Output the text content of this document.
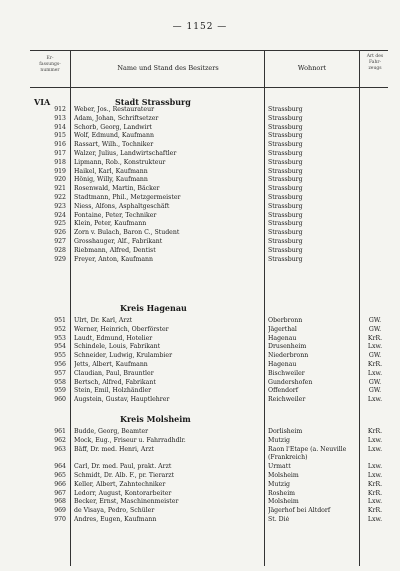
— 1152 —
Er-
fassungs-
nummer	Name und Stand des Besitzers	Wohnort
Art des
Fahr-
zeugs
VIA	Stadt Strassburg
912 Weber, Jos., Restaurateur	Strassburg
913 Adam, Johan, Schriftsetzer	Strassburg
914 Schorb, Georg, Landwirt	Strassburg
915 Wolf, Edmund, Kaufmann	Strassburg
916 Rassart, Wilh., Tochniker	Strassburg
917 Walzer, Julius, Landwirtschaftler	Strassburg
918 Lipmann, Rob., Konstrukteur	Strassburg
919 Haikel, Karl, Kaufmann	Strassburg
920 Hönig, Willy, Kaufmann	Strassburg
921 Rosenwald, Martin, Bäcker	Strassburg
922 Stadtmann, Phil., Metzgermeister	Strassburg
923 Niess, Alfons, Asphaltgeschäft	Strassburg
924 Fontaine, Peter, Techniker	Strassburg
925 Klein, Peter, Kaufmann	Strassburg
926 Zorn v. Bulach, Baron C., Student	Strassburg
927 Grosshauger, Alf., Fabrikant	Strassburg
928 Riebmann, Alfred, Dentist	Strassburg
929 Freyer, Anton, Kaufmann	Strassburg
Kreis Hagenau
951 Ulrt, Dr. Karl, Arzt	Oberbronn	GW.
952 Werner, Heinrich, Oberförster	Jägerthal	GW.
953 Laudt, Edmund, Hotelier	Hagenau	KrR.
954 Schindele, Louis, Fabrikant	Drusenheim	Lxw.
955 Schneider, Ludwig, Krulambier	Niederbronn	GW.
956 Jetts, Albert, Kaufmann	Hagenau	KrR.
957 Claudian, Paul, Brauntler	Bischweiler	Lxw.
958 Bertsch, Alfred, Fabrikant	Gundershofen	GW.
959 Stein, Emil, Holzhändler	Offendorf	GW.
960 Augstein, Gustav, Hauptlehrer	Reichweiler	Lxw.
Kreis Molsheim
961 Budde, Georg, Beamter	Dorlisheim	KrR.
962 Mock, Eug., Friseur u. Fahrradhdlr.	Mutzig	Lxw.
963 Bäff, Dr. med. Henri, Arzt	Raon l'Etape (a. Neuville	Lxw.
(Frankreich)
964 Carl, Dr. med. Paul, prakt. Arzt	Urmatt	Lxw.
965 Schmidt, Dr. Alb. F., pr. Tierarzt	Molsheim	Lxw.
966 Keller, Albert, Zahntechniker	Mutzig	KrR.
967 Ledorr, August, Kontorarbeiter	Rosheim	KrR.
968 Becker, Ernst, Maschinenmeister	Molsheim	Lxw.
969 de Visaya, Pedro, Schüler	Jägerhof bei Altdorf	KrR.
970 Andres, Eugen, Kaufmann	St. Dié	Lxw.
